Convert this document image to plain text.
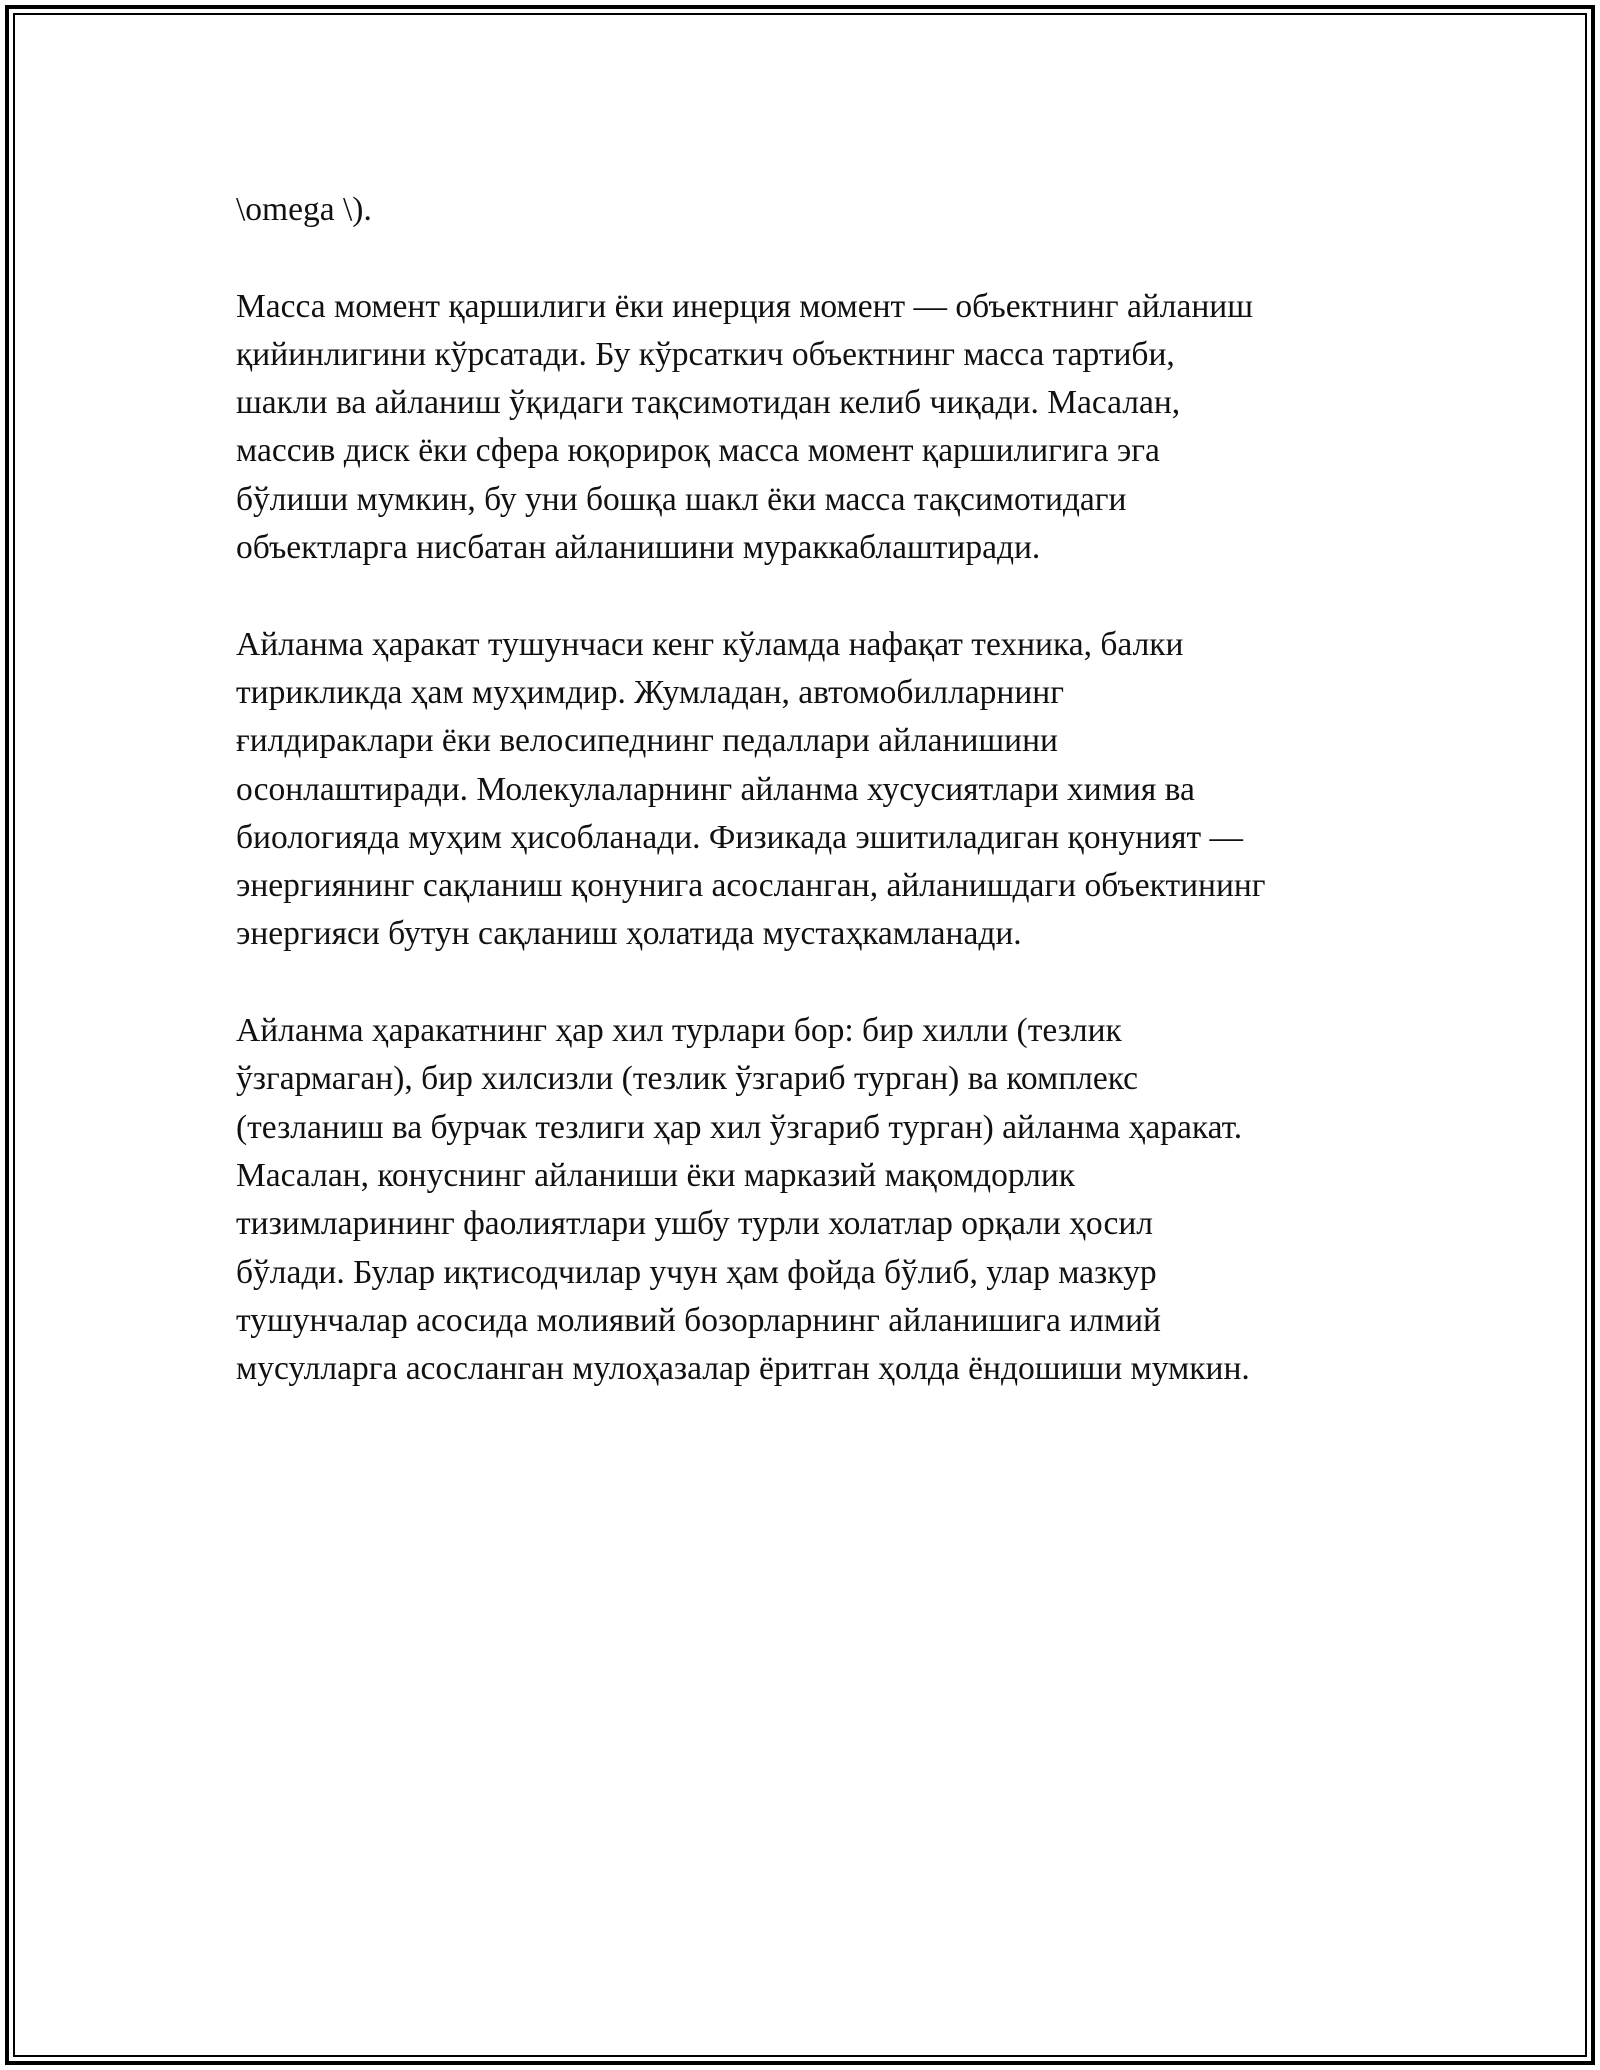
\omega \).

Масса момент қаршилиги ёки инерция момент — объектнинг айланиш
қийинлигини кўрсатади. Бу кўрсаткич объектнинг масса тартиби,
шакли ва айланиш ўқидаги тақсимотидан келиб чиқади. Масалан,
массив диск ёки сфера юқорироқ масса момент қаршилигига эга
бўлиши мумкин, бу уни бошқа шакл ёки масса тақсимотидаги
объектларга нисбатан айланишини мураккаблаштиради.

Айланма ҳаракат тушунчаси кенг кўламда нафақат техника, балки
тирикликда ҳам муҳимдир. Жумладан, автомобилларнинг
ғилдираклари ёки велосипеднинг педаллари айланишини
осонлаштиради. Молекулаларнинг айланма хусусиятлари химия ва
биологияда муҳим ҳисобланади. Физикада эшитиладиган қонуният —
энергиянинг сақланиш қонунига асосланган, айланишдаги объектининг
энергияси бутун сақланиш ҳолатида мустаҳкамланади.

Айланма ҳаракатнинг ҳар хил турлари бор: бир хилли (тезлик
ўзгармаган), бир хилсизли (тезлик ўзгариб турган) ва комплекс
(тезланиш ва бурчак тезлиги ҳар хил ўзгариб турган) айланма ҳаракат.
Масалан, конуснинг айланиши ёки марказий мақомдорлик
тизимларининг фаолиятлари ушбу турли холатлар орқали ҳосил
бўлади. Булар иқтисодчилар учун ҳам фойда бўлиб, улар мазкур
тушунчалар асосида молиявий бозорларнинг айланишига илмий
мусулларга асосланган мулоҳазалар ёритган ҳолда ёндошиши мумкин.
